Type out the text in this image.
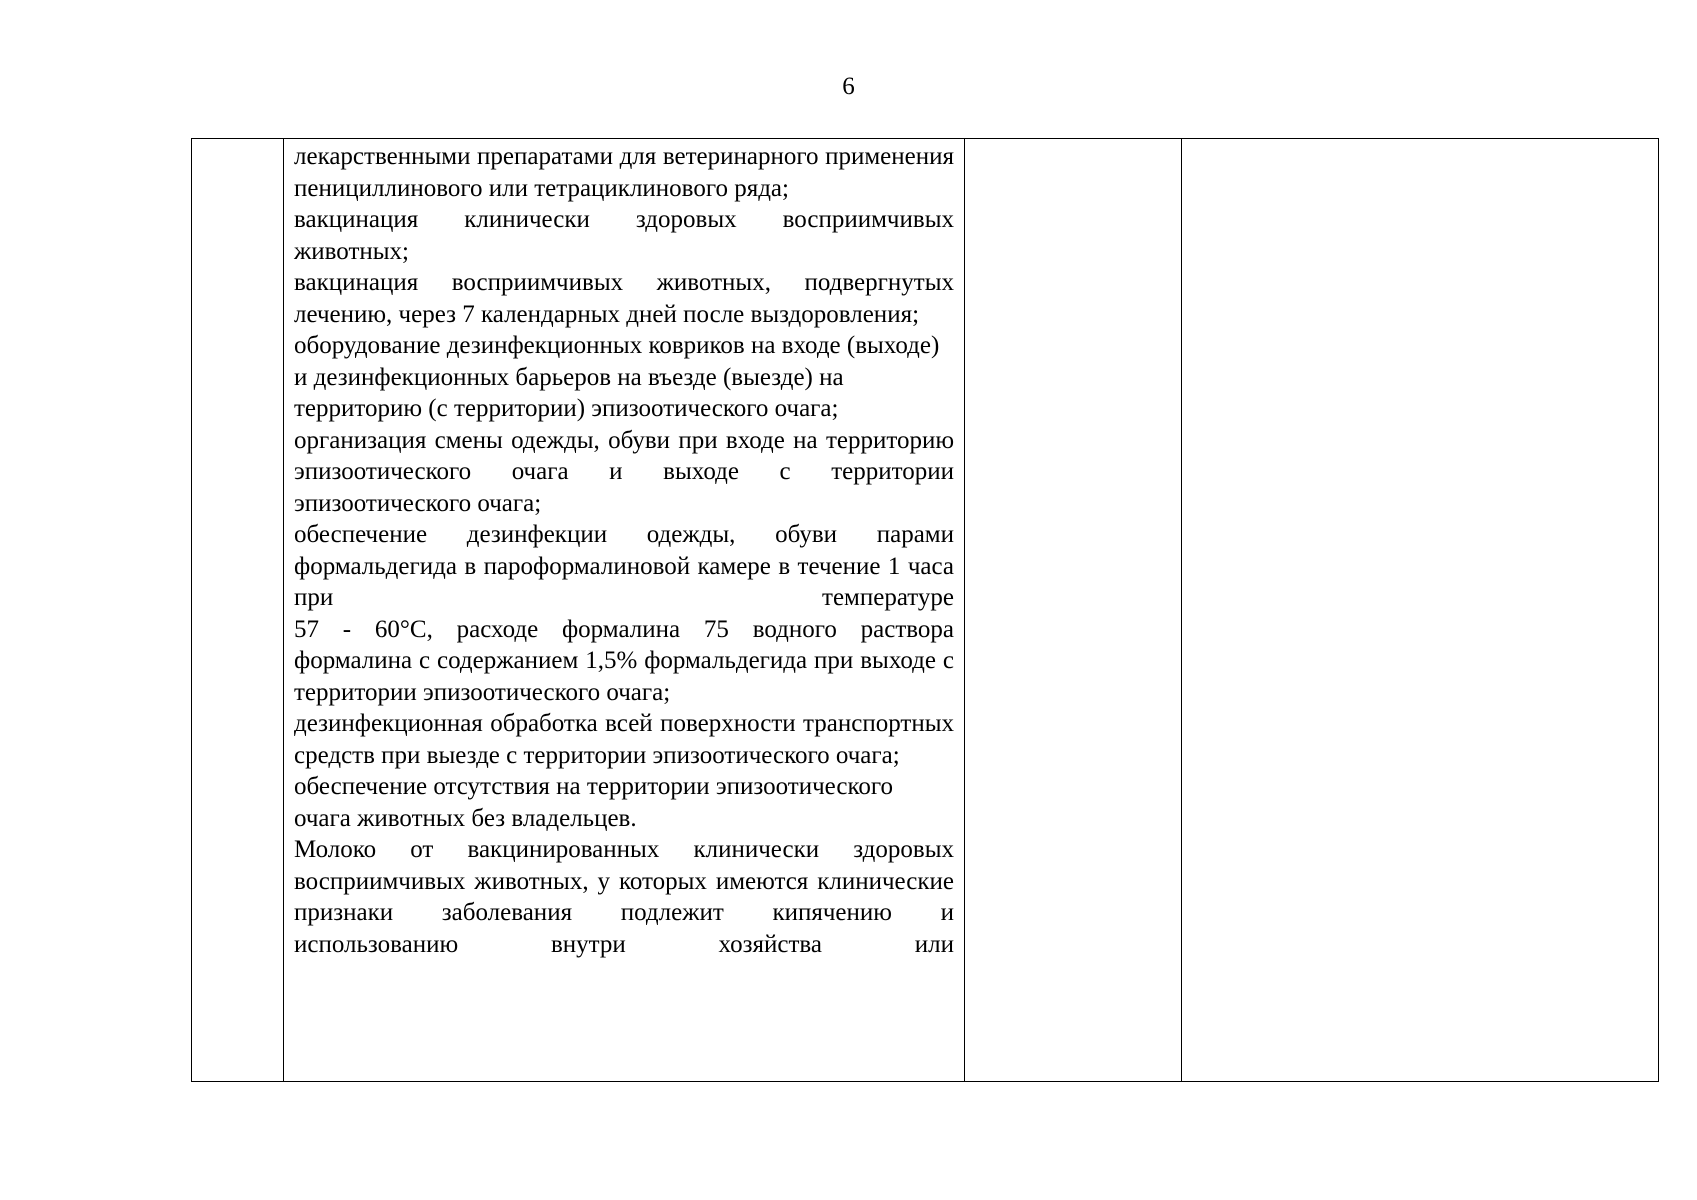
6

лекарственными препаратами для ветеринарного применения пенициллинового или тетрациклинового ряда;

вакцинация клинически здоровых восприимчивых животных;

вакцинация восприимчивых животных, подвергнутых лечению, через 7 календарных дней после выздоровления;

оборудование дезинфекционных ковриков на входе (выходе) и дезинфекционных барьеров на въезде (выезде) на территорию (с территории) эпизоотического очага;

организация смены одежды, обуви при входе на территорию эпизоотического очага и выходе с территории эпизоотического очага;

обеспечение дезинфекции одежды, обуви парами формальдегида в пароформалиновой камере в течение 1 часа при температуре

57 - 60°C, расходе формалина 75 водного раствора формалина с содержанием 1,5% формальдегида при выходе с территории эпизоотического очага;

дезинфекционная обработка всей поверхности транспортных средств при выезде с территории эпизоотического очага;

обеспечение отсутствия на территории эпизоотического очага животных без владельцев.

Молоко от вакцинированных клинически здоровых восприимчивых животных, у которых имеются клинические признаки заболевания подлежит кипячению и использованию внутри хозяйства или
